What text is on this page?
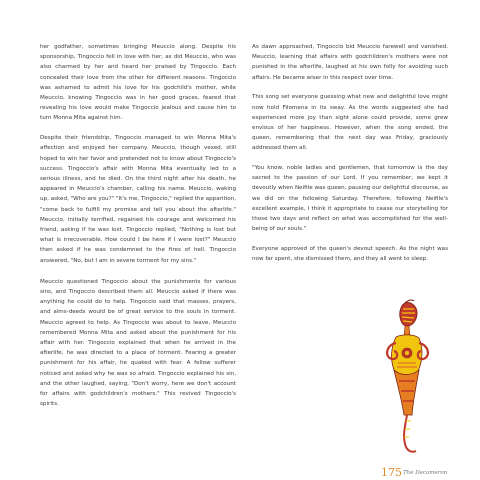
her godfather, sometimes bringing Meuccio along. Despite his sponsorship, Tingoccio fell in love with her, as did Meuccio, who was also charmed by her and heard her praised by Tingoccio. Each concealed their love from the other for different reasons. Tingoccio was ashamed to admit his love for his godchild's mother, while Meuccio, knowing Tingoccio was in her good graces, feared that revealing his love would make Tingoccio jealous and cause him to turn Monna Mita against him.

Despite their friendship, Tingoccio managed to win Monna Mita's affection and enjoyed her company. Meuccio, though vexed, still hoped to win her favor and pretended not to know about Tingoccio's success. Tingoccio's affair with Monna Mita eventually led to a serious illness, and he died. On the third night after his death, he appeared in Meuccio's chamber, calling his name. Meuccio, waking up, asked, "Who are you?" "It's me, Tingoccio," replied the apparition, "come back to fulfill my promise and tell you about the afterlife." Meuccio, initially terrified, regained his courage and welcomed his friend, asking if he was lost. Tingoccio replied, "Nothing is lost but what is irrecoverable. How could I be here if I were lost?" Meuccio then asked if he was condemned to the fires of hell. Tingoccio answered, "No, but I am in severe torment for my sins."

Meuccio questioned Tingoccio about the punishments for various sins, and Tingoccio described them all. Meuccio asked if there was anything he could do to help. Tingoccio said that masses, prayers, and alms-deeds would be of great service to the souls in torment. Meuccio agreed to help. As Tingoccio was about to leave, Meuccio remembered Monna Mita and asked about the punishment for his affair with her. Tingoccio explained that when he arrived in the afterlife, he was directed to a place of torment. Fearing a greater punishment for his affair, he quaked with fear. A fellow sufferer noticed and asked why he was so afraid. Tingoccio explained his sin, and the other laughed, saying, "Don't worry, here we don't account for affairs with godchildren's mothers." This revived Tingoccio's spirits.

As dawn approached, Tingoccio bid Meuccio farewell and vanished. Meuccio, learning that affairs with godchildren's mothers were not punished in the afterlife, laughed at his own folly for avoiding such affairs. He became wiser in this respect over time.

This song set everyone guessing what new and delightful love might now hold Filomena in its sway. As the words suggested she had experienced more joy than sight alone could provide, some grew envious of her happiness. However, when the song ended, the queen, remembering that the next day was Friday, graciously addressed them all.

"You know, noble ladies and gentlemen, that tomorrow is the day sacred to the passion of our Lord. If you remember, we kept it devoutly when Neifile was queen, pausing our delightful discourse, as we did on the following Saturday. Therefore, following Neifile's excellent example, I think it appropriate to cease our storytelling for those two days and reflect on what was accomplished for the well-being of our souls."

Everyone approved of the queen's devout speech. As the night was now far spent, she dismissed them, and they all went to sleep.

175 The Decameron
